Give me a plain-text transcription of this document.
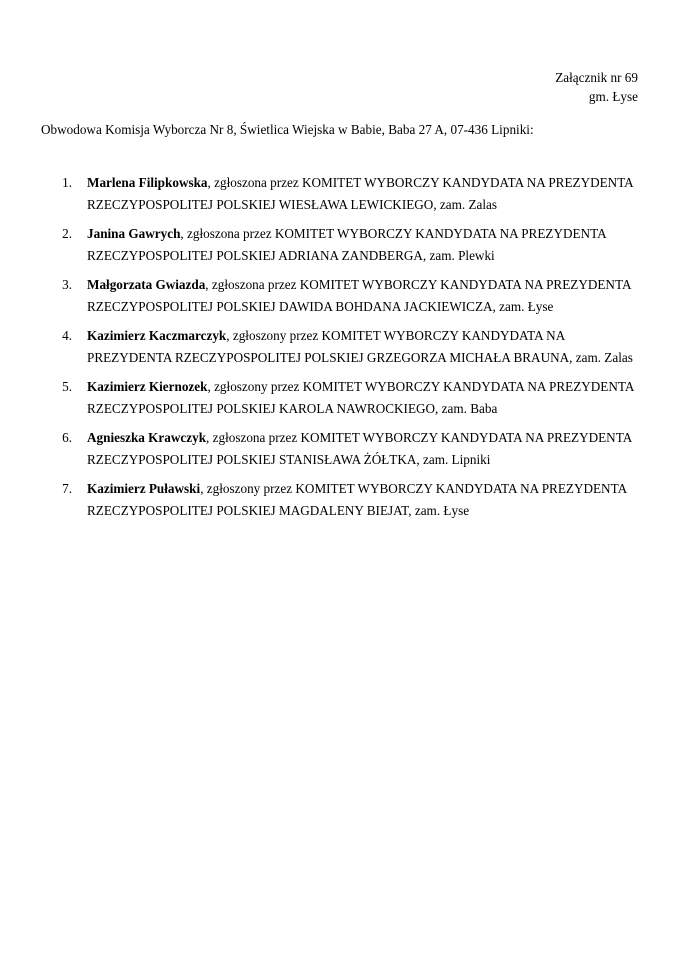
Załącznik nr 69
gm. Łyse
Obwodowa Komisja Wyborcza Nr 8, Świetlica Wiejska w Babie, Baba 27 A, 07-436 Lipniki:
1. Marlena Filipkowska, zgłoszona przez KOMITET WYBORCZY KANDYDATA NA PREZYDENTA RZECZYPOSPOLITEJ POLSKIEJ WIESŁAWA LEWICKIEGO, zam. Zalas
2. Janina Gawrych, zgłoszona przez KOMITET WYBORCZY KANDYDATA NA PREZYDENTA RZECZYPOSPOLITEJ POLSKIEJ ADRIANA ZANDBERGA, zam. Plewki
3. Małgorzata Gwiazda, zgłoszona przez KOMITET WYBORCZY KANDYDATA NA PREZYDENTA RZECZYPOSPOLITEJ POLSKIEJ DAWIDA BOHDANA JACKIEWICZA, zam. Łyse
4. Kazimierz Kaczmarczyk, zgłoszony przez KOMITET WYBORCZY KANDYDATA NA PREZYDENTA RZECZYPOSPOLITEJ POLSKIEJ GRZEGORZA MICHAŁA BRAUNA, zam. Zalas
5. Kazimierz Kiernozek, zgłoszony przez KOMITET WYBORCZY KANDYDATA NA PREZYDENTA RZECZYPOSPOLITEJ POLSKIEJ KAROLA NAWROCKIEGO, zam. Baba
6. Agnieszka Krawczyk, zgłoszona przez KOMITET WYBORCZY KANDYDATA NA PREZYDENTA RZECZYPOSPOLITEJ POLSKIEJ STANISŁAWA ŻÓŁTKA, zam. Lipniki
7. Kazimierz Puławski, zgłoszony przez KOMITET WYBORCZY KANDYDATA NA PREZYDENTA RZECZYPOSPOLITEJ POLSKIEJ MAGDALENY BIEJAT, zam. Łyse
